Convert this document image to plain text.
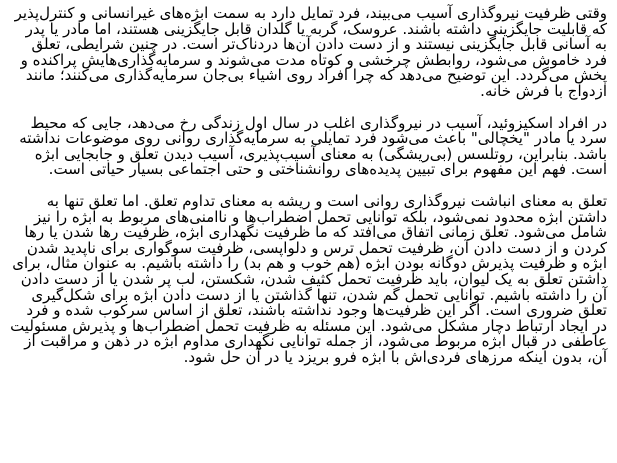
وقتی ظرفیت نیروگذاری آسیب می‌بیند، فرد تمایل دارد به سمت ابژه‌های غیرانسانی و کنترل‌پذیر که قابلیت جایگزینی داشته باشند. عروسک، گربه یا گلدان قابل جایگزینی هستند، اما مادر یا پدر به آسانی قابل جایگزینی نیستند و از دست دادن آن‌ها دردناک‌تر است. در چنین شرایطی، تعلق فرد خاموش می‌شود، روابطش چرخشی و کوتاه مدت می‌شوند و سرمایه‌گذاری‌هایش پراکنده و پخش می‌گردد. این توضیح می‌دهد که چرا افراد روی اشیاء بی‌جان سرمایه‌گذاری می‌کنند؛ مانند ازدواج با فرش خانه.

در افراد اسکیزوئید، آسیب در نیروگذاری اغلب در سال اول زندگی رخ می‌دهد، جایی که محیط سرد یا مادر "یخچالی" باعث می‌شود فرد تمایلی به سرمایه‌گذاری روانی روی موضوعات نداشته باشد. بنابراین، روتلسس (بی‌ریشگی) به معنای آسیب‌پذیری، آسیب دیدن تعلق و جابجایی ابژه است. فهم این مفهوم برای تبیین پدیده‌های روانشناختی و حتی اجتماعی بسیار حیاتی است.

تعلق به معنای انباشت نیروگذاری روانی است و ریشه به معنای تداوم تعلق. اما تعلق تنها به داشتن ابژه محدود نمی‌شود، بلکه توانایی تحمل اضطراب‌ها و ناامنی‌های مربوط به ابژه را نیز شامل می‌شود. تعلق زمانی اتفاق می‌افتد که ما ظرفیت نگهداری ابژه، ظرفیت رها شدن یا رها کردن و از دست دادن آن، ظرفیت تحمل ترس و دلواپسی، ظرفیت سوگواری برای ناپدید شدن ابژه و ظرفیت پذیرش دوگانه بودن ابژه (هم خوب و هم بد) را داشته باشیم. به عنوان مثال، برای داشتن تعلق به یک لیوان، باید ظرفیت تحمل کثیف شدن، شکستن، لب پر شدن یا از دست دادن آن را داشته باشیم. توانایی تحمل گم شدن، تنها گذاشتن یا از دست دادن ابژه برای شکل‌گیری تعلق ضروری است. اگر این ظرفیت‌ها وجود نداشته باشند، تعلق از اساس سرکوب شده و فرد در ایجاد ارتباط دچار مشکل می‌شود. این مسئله به ظرفیت تحمل اضطراب‌ها و پذیرش مسئولیت عاطفی در قبال ابژه مربوط می‌شود، از جمله توانایی نگهداری مداوم ابژه در ذهن و مراقبت از آن، بدون اینکه مرزهای فردی‌اش با ابژه فرو بریزد یا در آن حل شود.
